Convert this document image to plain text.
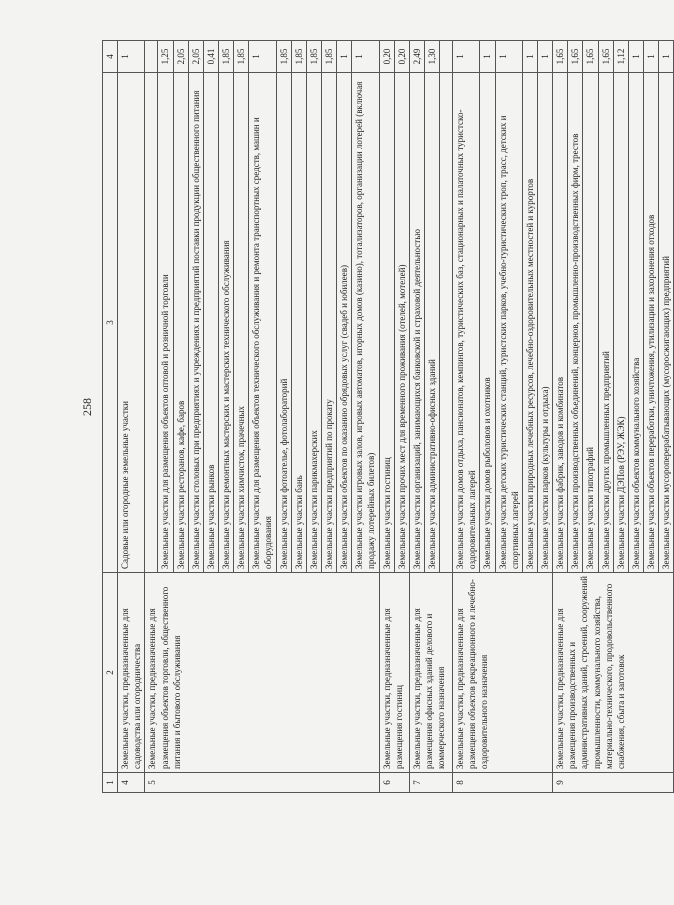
258
1	2	3	4
4	Земельные участки, предназначенные для садоводства или огородничества	Садовые или огородные земельные участки	1
5	Земельные участки, предназначенные для размещения объектов торговли, общественного питания и бытового обслуживания		
		Земельные участки для размещения объектов оптовой и розничной торговли	1,25
		Земельные участки ресторанов, кафе, баров	2,05
		Земельные участки столовых при предприятиях и учреждениях и предприятий поставки продукции общественного питания	2,05
		Земельные участки рынков	0,41
		Земельные участки ремонтных мастерских и мастерских технического обслуживания	1,85
		Земельные участки химчисток, прачечных	1,85
		Земельные участки для размещения объектов технического обслуживания и ремонта транспортных средств, машин и оборудования	1
		Земельные участки фотоателье, фотолабораторий	1,85
		Земельные участки бань	1,85
		Земельные участки парикмахерских	1,85
		Земельные участки предприятий по прокату	1,85
		Земельные участки объектов по оказанию обрядовых услуг (свадеб и юбилеев)	1
		Земельные участки игровых залов, игровых автоматов, игорных домов (казино), тотализаторов, организации лотерей (включая продажу лотерейных билетов)	1
6	Земельные участки, предназначенные для размещения гостиниц	Земельные участки гостиниц	0,20
		Земельные участки прочих мест для временного проживания (отелей, мотелей)	0,20
7	Земельные участки, предназначенные для размещения офисных зданий делового и коммерческого назначения	Земельные участки организаций, занимающихся банковской и страховой деятельностью	2,49
		Земельные участки административно-офисных зданий	1,30

8	Земельные участки, предназначенные для размещения объектов рекреационного и лечебно-оздоровительного назначения	Земельные участки домов отдыха, пансионатов, кемпингов, туристических баз, стационарных и палаточных туристско-оздоровительных лагерей	1
		Земельные участки домов рыболовов и охотников	1
		Земельные участки детских туристических станций, туристских парков, учебно-туристических троп, трасс, детских и спортивных лагерей	1
		Земельные участки природных лечебных ресурсов, лечебно-оздоровительных местностей и курортов	1
		Земельные участки парков (культуры и отдыха)	1
9	Земельные участки, предназначенные для размещения производственных и административных зданий, строений, сооружений промышленности, коммунального хозяйства, материально-технического, продовольственного снабжения, сбыта и заготовок	Земельные участки фабрик, заводов и комбинатов	1,65
		Земельные участки производственных объединений, концернов, промышленно-производственных фирм, трестов	1,65
		Земельные участки типографий	1,65
		Земельные участки других промышленных предприятий	1,65
		Земельные участки ДЭПов (РЭУ, ЖЭК)	1,12
		Земельные участки объектов коммунального хозяйства	1
		Земельные участки объектов переработки, уничтожения, утилизации и захоронения отходов	1
		Земельные участки мусороперерабатывающих (мусоросжигающих) предприятий	1
